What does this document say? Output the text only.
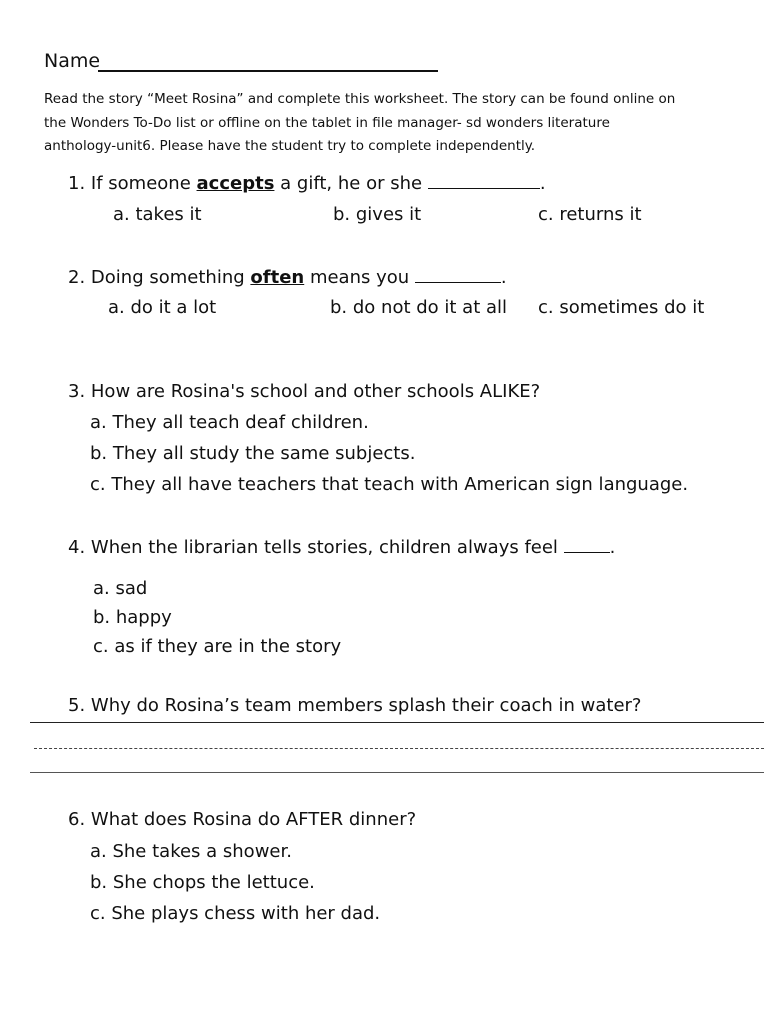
Name
Read the story “Meet Rosina” and complete this worksheet. The story can be found online on
the Wonders To-Do list or offline on the tablet in file manager- sd wonders literature
anthology-unit6. Please have the student try to complete independently.
1. If someone accepts a gift, he or she	.
a. takes it	b. gives it	c. returns it
2. Doing something often means you	.
a. do it a lot	b. do not do it at all c. sometimes do it
3. How are Rosina's school and other schools ALIKE?
a. They all teach deaf children.
b. They all study the same subjects.
c. They all have teachers that teach with American sign language.
4. When the librarian tells stories, children always feel	.
a. sad
b. happy
c. as if they are in the story
5. Why do Rosina’s team members splash their coach in water?
6. What does Rosina do AFTER dinner?
a. She takes a shower.
b. She chops the lettuce.
c. She plays chess with her dad.
